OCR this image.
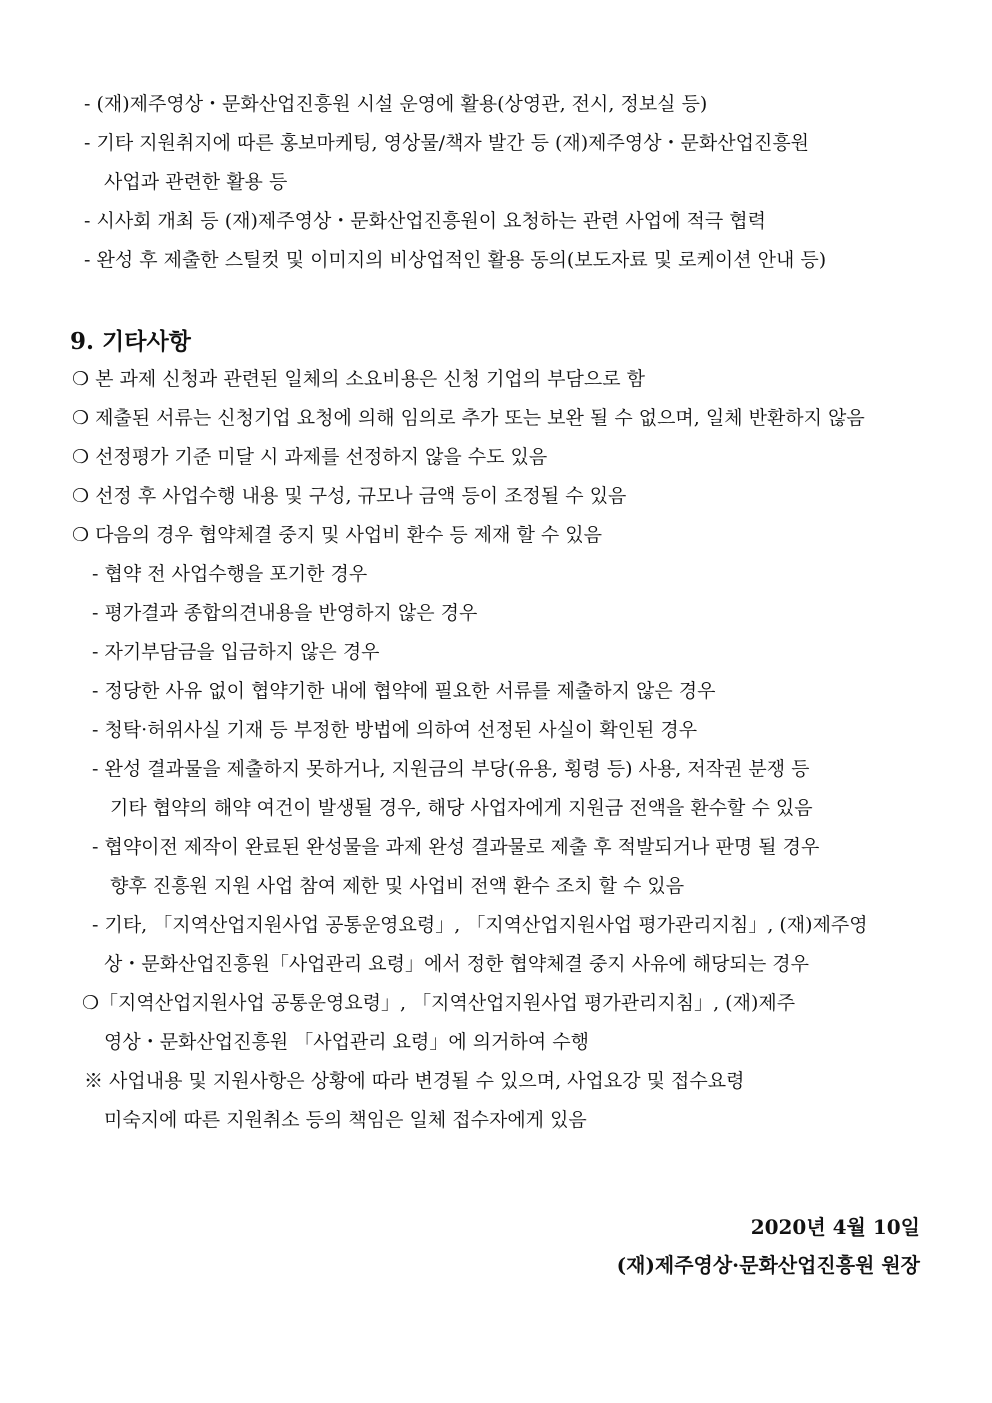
- (재)제주영상・문화산업진흥원 시설 운영에 활용(상영관, 전시, 정보실 등)
- 기타 지원취지에 따른 홍보마케팅, 영상물/책자 발간 등 (재)제주영상・문화산업진흥원
사업과 관련한 활용 등
- 시사회 개최 등 (재)제주영상・문화산업진흥원이 요청하는 관련 사업에 적극 협력
- 완성 후 제출한 스틸컷 및 이미지의 비상업적인 활용 동의(보도자료 및 로케이션 안내 등)
9. 기타사항
❍ 본 과제 신청과 관련된 일체의 소요비용은 신청 기업의 부담으로 함
❍ 제출된 서류는 신청기업 요청에 의해 임의로 추가 또는 보완 될 수 없으며, 일체 반환하지 않음
❍ 선정평가 기준 미달 시 과제를 선정하지 않을 수도 있음
❍ 선정 후 사업수행 내용 및 구성, 규모나 금액 등이 조정될 수 있음
❍ 다음의 경우 협약체결 중지 및 사업비 환수 등 제재 할 수 있음
- 협약 전 사업수행을 포기한 경우
- 평가결과 종합의견내용을 반영하지 않은 경우
- 자기부담금을 입금하지 않은 경우
- 정당한 사유 없이 협약기한 내에 협약에 필요한 서류를 제출하지 않은 경우
- 청탁·허위사실 기재 등 부정한 방법에 의하여 선정된 사실이 확인된 경우
- 완성 결과물을 제출하지 못하거나, 지원금의 부당(유용, 횡령 등) 사용, 저작권 분쟁 등
기타 협약의 해약 여건이 발생될 경우, 해당 사업자에게 지원금 전액을 환수할 수 있음
- 협약이전 제작이 완료된 완성물을 과제 완성 결과물로 제출 후 적발되거나 판명 될 경우
향후 진흥원 지원 사업 참여 제한 및 사업비 전액 환수 조치 할 수 있음
- 기타, 「지역산업지원사업 공통운영요령」, 「지역산업지원사업 평가관리지침」, (재)제주영
상・문화산업진흥원「사업관리 요령」에서 정한 협약체결 중지 사유에 해당되는 경우
❍「지역산업지원사업 공통운영요령」, 「지역산업지원사업 평가관리지침」, (재)제주
영상・문화산업진흥원 「사업관리 요령」에 의거하여 수행
※ 사업내용 및 지원사항은 상황에 따라 변경될 수 있으며, 사업요강 및 접수요령
미숙지에 따른 지원취소 등의 책임은 일체 접수자에게 있음
2020년 4월 10일
(재)제주영상·문화산업진흥원 원장
